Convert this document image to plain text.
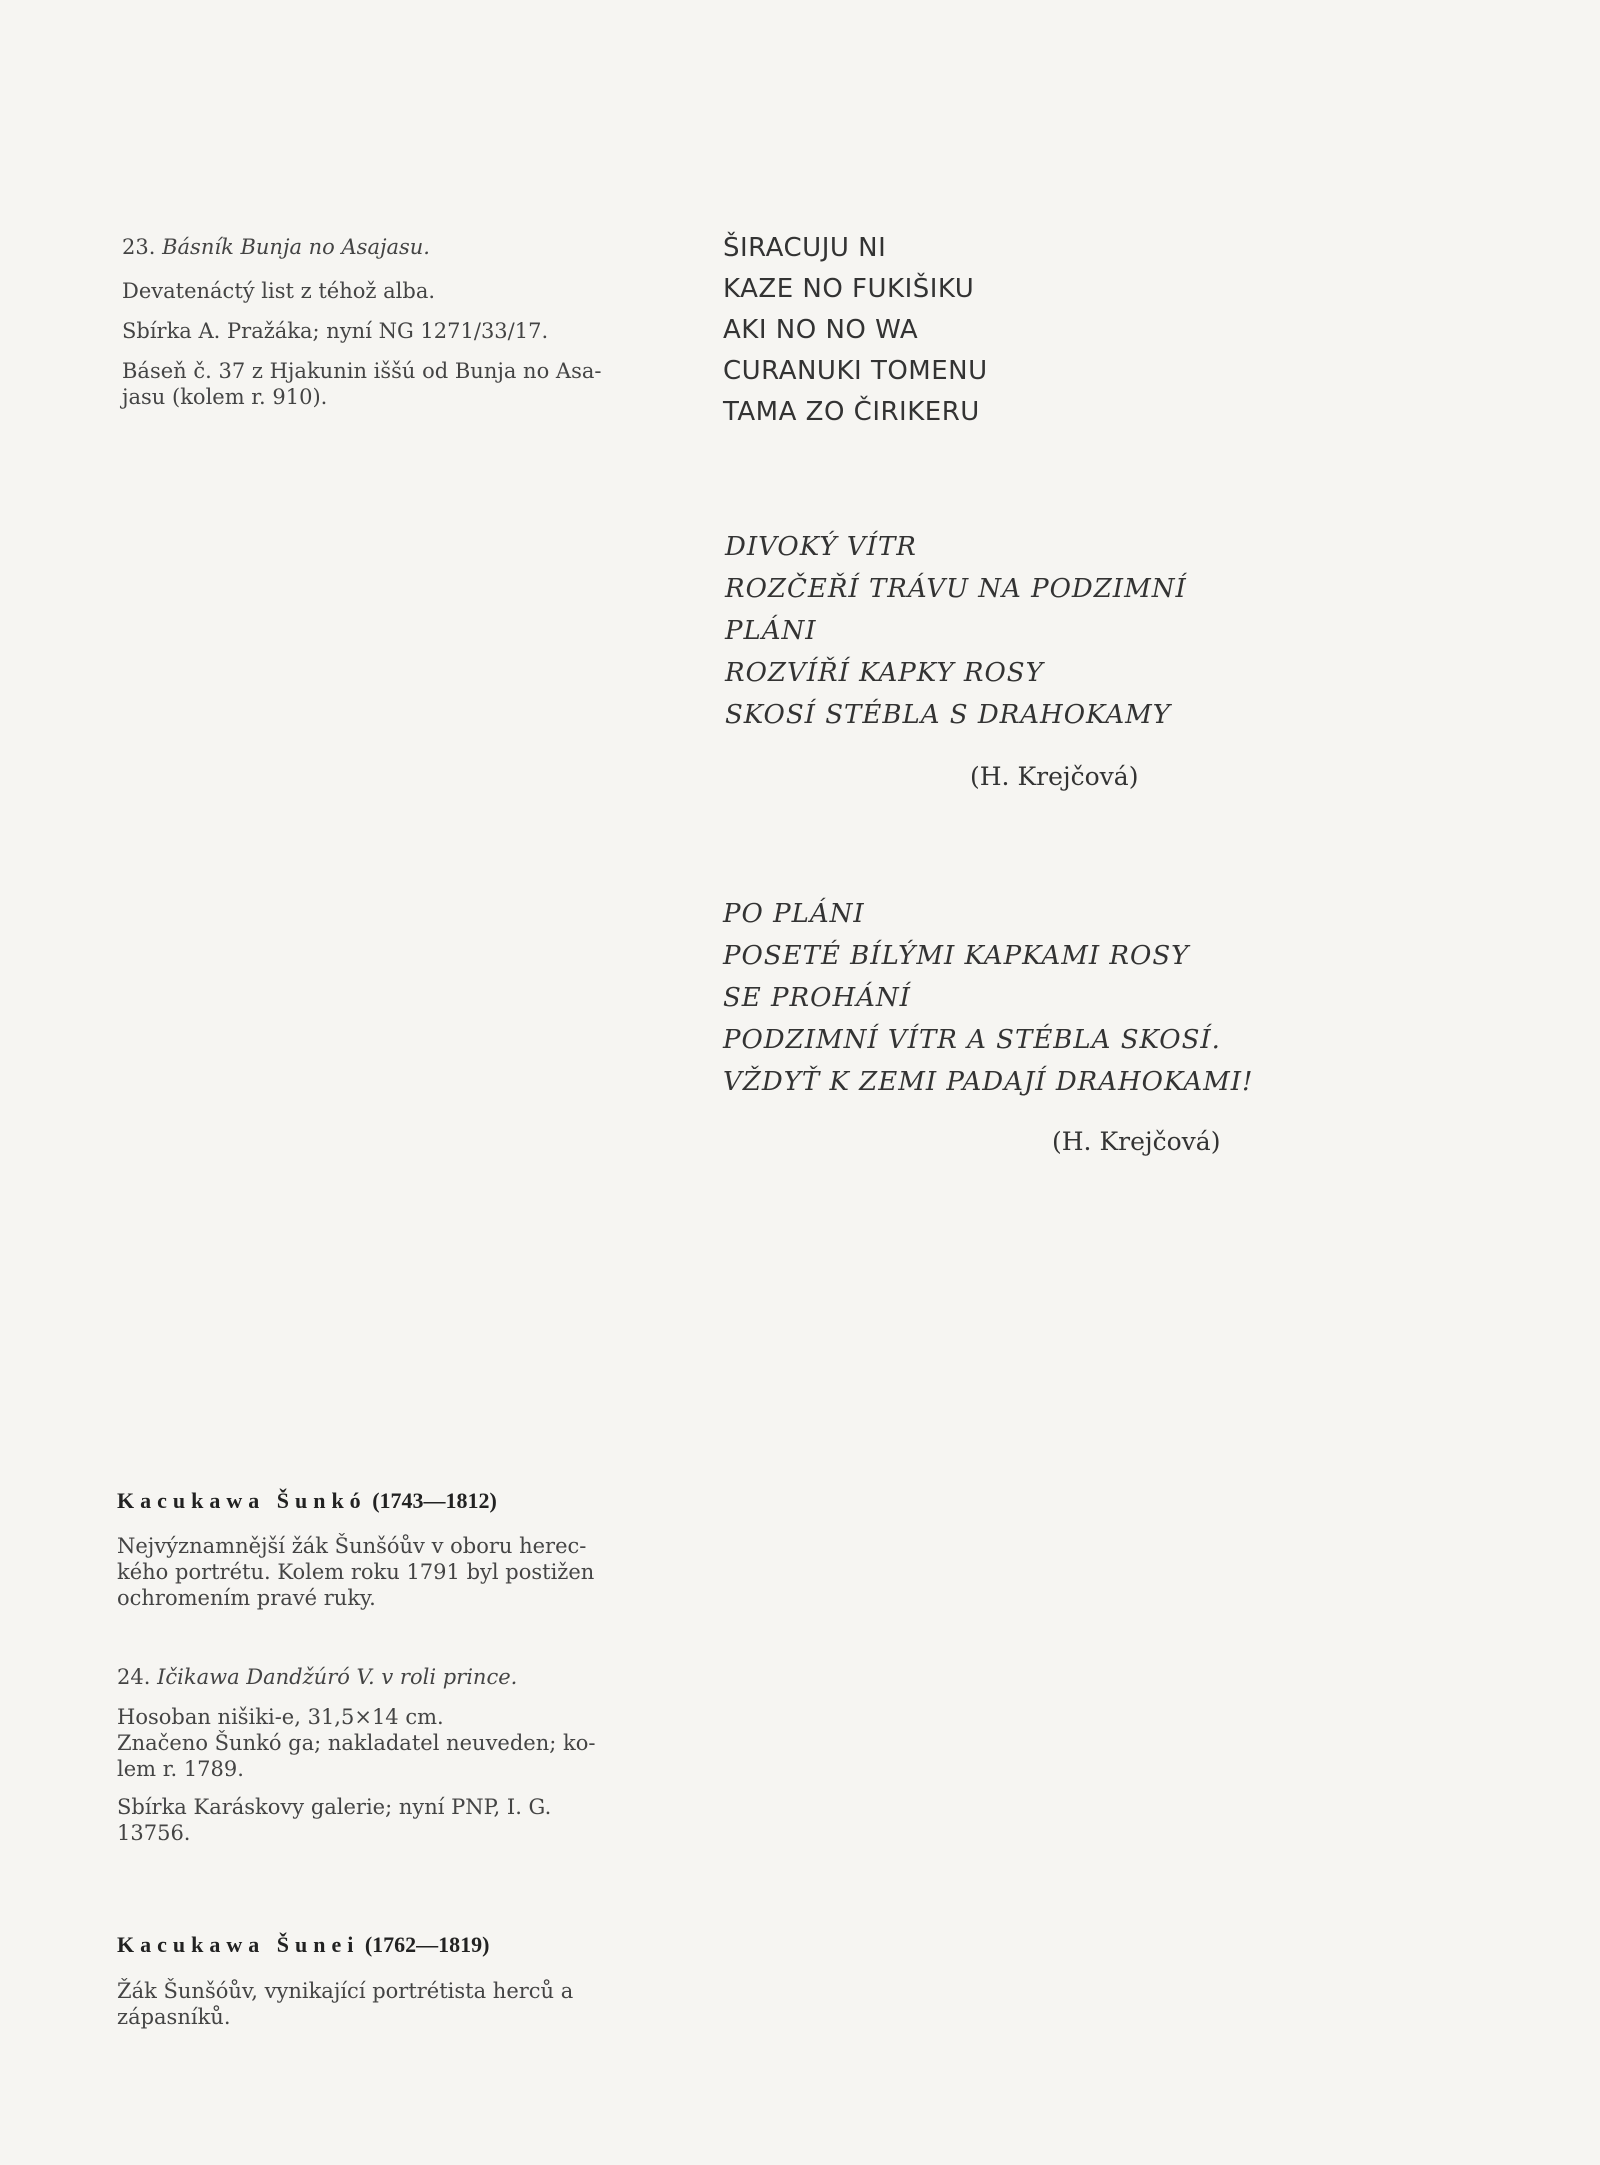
23. Básník Bunja no Asajasu.

Devatenáctý list z téhož alba.

Sbírka A. Pražáka; nyní NG 1271/33/17.

Báseň č. 37 z Hjakunin iššú od Bunja no Asa-

jasu (kolem r. 910).

ŠIRACUJU NI
KAZE NO FUKIŠIKU
AKI NO NO WA
CURANUKI TOMENU
TAMA ZO ČIRIKERU
DIVOKÝ VÍTR
ROZČEŘÍ TRÁVU NA PODZIMNÍ
PLÁNI
ROZVÍŘÍ KAPKY ROSY
SKOSÍ STÉBLA S DRAHOKAMY
(H. Krejčová)
PO PLÁNI
POSETÉ BÍLÝMI KAPKAMI ROSY
SE PROHÁNÍ
PODZIMNÍ VÍTR A STÉBLA SKOSÍ.
VŽDYŤ K ZEMI PADAJÍ DRAHOKAMI!
(H. Krejčová)
Kacukawa Šunkó (1743—1812)
Nejvýznamnější žák Šunšóův v oboru herec-
kého portrétu. Kolem roku 1791 byl postižen
ochromením pravé ruky.

24. Ičikawa Dandžúró V. v roli prince.

Hosoban nišiki-e, 31,5×14 cm.

Značeno Šunkó ga; nakladatel neuveden; ko-

lem r. 1789.

Sbírka Karáskovy galerie; nyní PNP, I. G.

13756.

Kacukawa Šunei (1762—1819)
Žák Šunšóův, vynikající portrétista herců a
zápasníků.
